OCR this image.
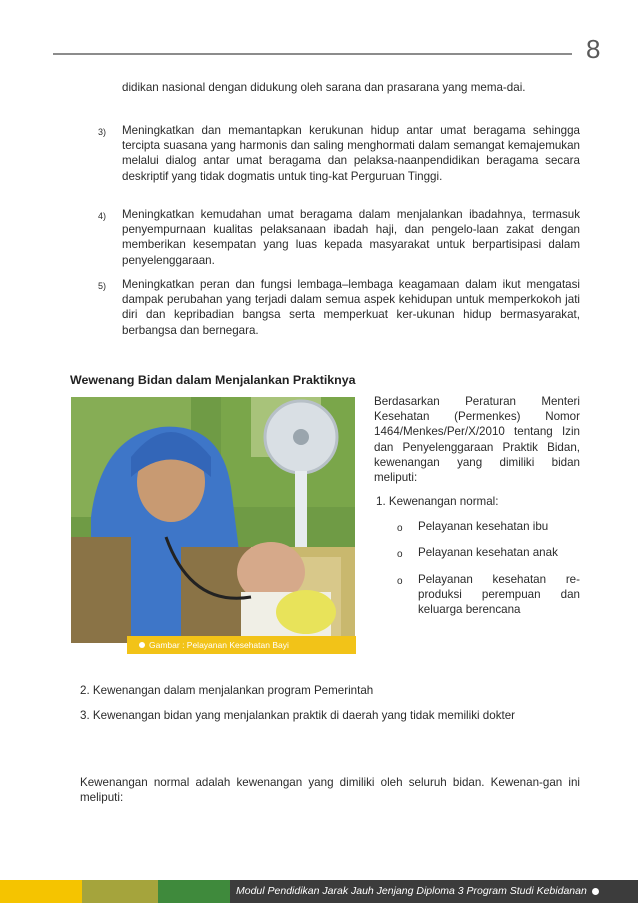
8
didikan nasional dengan didukung oleh sarana dan prasarana yang mema-dai.
3) Meningkatkan dan memantapkan kerukunan hidup antar umat beragama sehingga tercipta suasana yang harmonis dan saling menghormati dalam semangat kemajemukan melalui dialog antar umat beragama dan pelaksa-naanpendidikan beragama secara deskriptif yang tidak dogmatis untuk ting-kat Perguruan Tinggi.
4) Meningkatkan kemudahan umat beragama dalam menjalankan ibadahnya, termasuk penyempurnaan kualitas pelaksanaan ibadah haji, dan pengelo-laan zakat dengan memberikan kesempatan yang luas kepada masyarakat untuk berpartisipasi dalam penyelenggaraan.
5) Meningkatkan peran dan fungsi lembaga–lembaga keagamaan dalam ikut mengatasi dampak perubahan yang terjadi dalam semua aspek kehidupan untuk memperkokoh jati diri dan kepribadian bangsa serta memperkuat ker-ukunan hidup bermasyarakat, berbangsa dan bernegara.
Wewenang Bidan dalam Menjalankan Praktiknya
Gambar : Pelayanan Kesehatan Bayi
Berdasarkan Peraturan Menteri Kesehatan (Permenkes) Nomor 1464/Menkes/Per/X/2010 tentang Izin dan Penyelenggaraan Praktik Bidan, kewenangan yang dimiliki bidan meliputi:
1. Kewenangan normal:
o Pelayanan kesehatan ibu
o Pelayanan kesehatan anak
o Pelayanan kesehatan re-produksi perempuan dan keluarga berencana
2. Kewenangan dalam menjalankan program Pemerintah
3. Kewenangan bidan yang menjalankan praktik di daerah yang tidak memiliki dokter
Kewenangan normal adalah kewenangan yang dimiliki oleh seluruh bidan. Kewenan-gan ini meliputi:
Modul Pendidikan Jarak Jauh Jenjang Diploma 3 Program Studi Kebidanan
